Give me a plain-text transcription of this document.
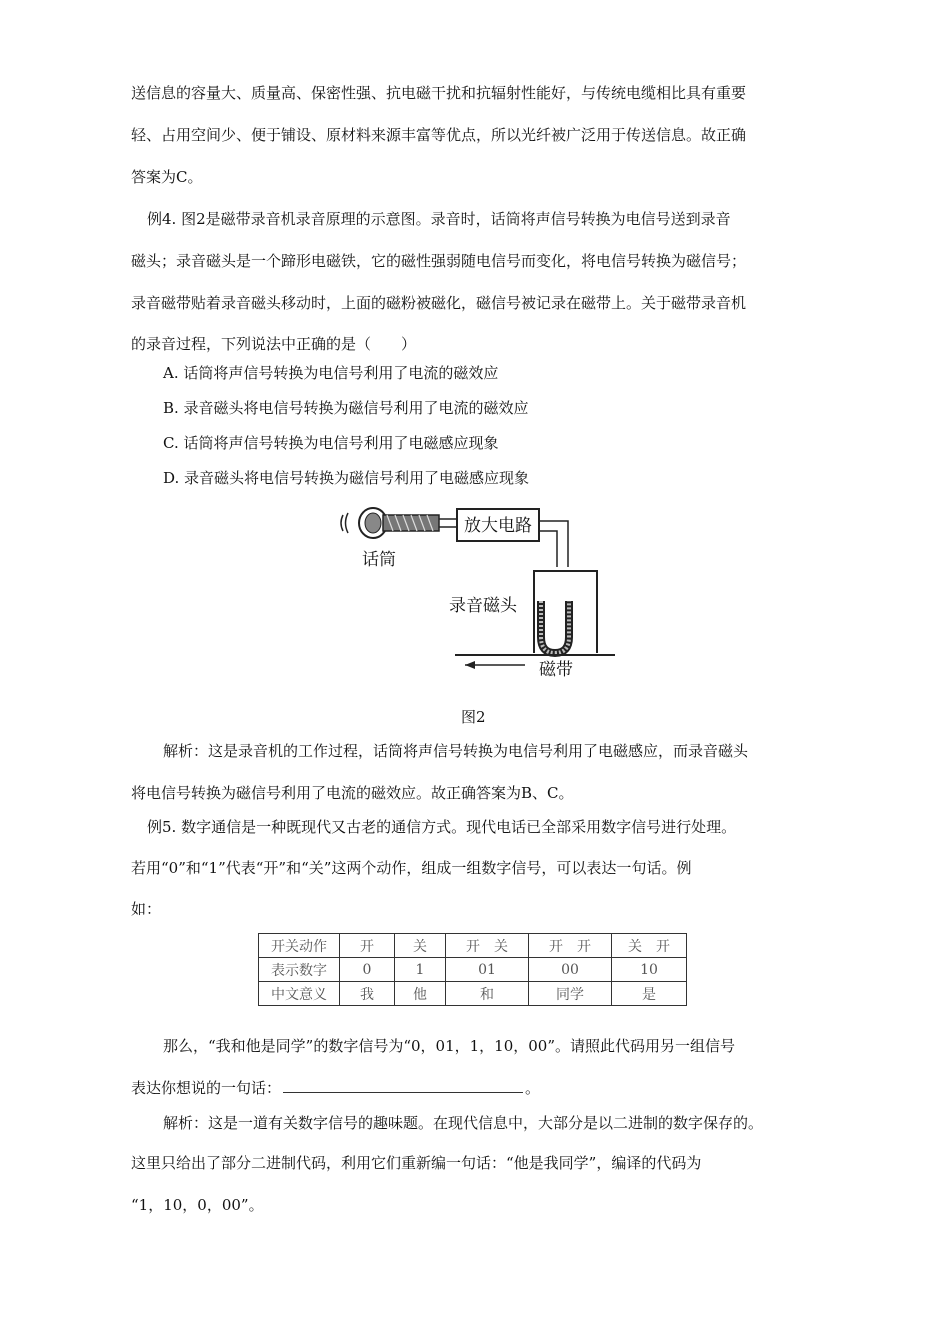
送信息的容量大、质量高、保密性强、抗电磁干扰和抗辐射性能好，与传统电缆相比具有重要
轻、占用空间少、便于铺设、原材料来源丰富等优点，所以光纤被广泛用于传送信息。故正确
答案为C。
例4. 图2是磁带录音机录音原理的示意图。录音时，话筒将声信号转换为电信号送到录音
磁头；录音磁头是一个蹄形电磁铁，它的磁性强弱随电信号而变化，将电信号转换为磁信号；
录音磁带贴着录音磁头移动时，上面的磁粉被磁化，磁信号被记录在磁带上。关于磁带录音机
的录音过程，下列说法中正确的是（　　）
A. 话筒将声信号转换为电信号利用了电流的磁效应
B. 录音磁头将电信号转换为磁信号利用了电流的磁效应
C. 话筒将声信号转换为电信号利用了电磁感应现象
D. 录音磁头将电信号转换为磁信号利用了电磁感应现象
放大电路
话筒
录音磁头
磁带
图2
解析：这是录音机的工作过程，话筒将声信号转换为电信号利用了电磁感应，而录音磁头
将电信号转换为磁信号利用了电流的磁效应。故正确答案为B、C。
例5. 数字通信是一种既现代又古老的通信方式。现代电话已全部采用数字信号进行处理。
若用“0”和“1”代表“开”和“关”这两个动作，组成一组数字信号，可以表达一句话。例
如：
开关动作	开	关	开　关	开　开	关　开
表示数字	0	1	01	00	10
中文意义	我	他	和	同学	是
那么，“我和他是同学”的数字信号为“0，01，1，10，00”。请照此代码用另一组信号
表达你想说的一句话：	。
解析：这是一道有关数字信号的趣味题。在现代信息中，大部分是以二进制的数字保存的。
这里只给出了部分二进制代码，利用它们重新编一句话：“他是我同学”，编译的代码为
“1，10，0，00”。
